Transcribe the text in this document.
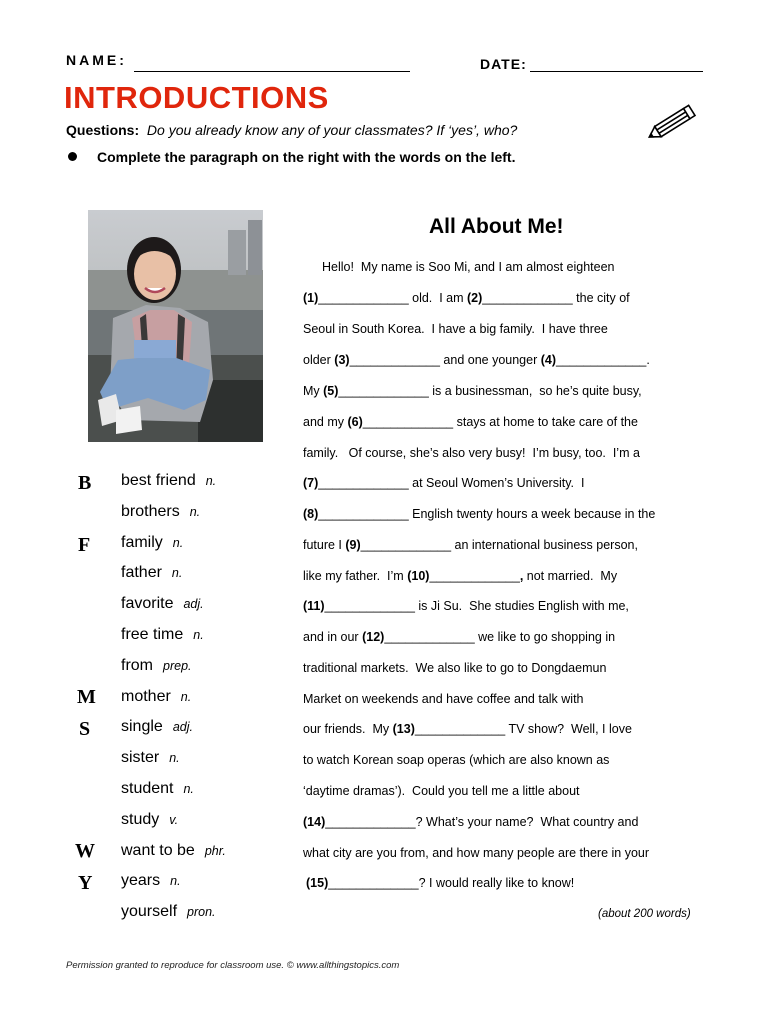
NAME:	DATE:
INTRODUCTIONS
Questions: Do you already know any of your classmates? If ‘yes’, who?
Complete the paragraph on the right with the words on the left.
All About Me!
Hello!  My name is Soo Mi, and I am almost eighteen
(1)_____________ old.  I am (2)_____________ the city of
Seoul in South Korea.  I have a big family.  I have three
older (3)_____________ and one younger (4)_____________.
My (5)_____________ is a businessman,  so he’s quite busy,
and my (6)_____________ stays at home to take care of the
family.   Of course, she’s also very busy!  I’m busy, too.  I’m a
(7)_____________ at Seoul Women’s University.  I
(8)_____________ English twenty hours a week because in the
future I (9)_____________ an international business person,
like my father.  I’m (10)_____________, not married.  My
(11)_____________ is Ji Su.  She studies English with me,
and in our (12)_____________ we like to go shopping in
traditional markets.  We also like to go to Dongdaemun
Market on weekends and have coffee and talk with
our friends.  My (13)_____________ TV show?  Well, I love
to watch Korean soap operas (which are also known as
‘daytime dramas’).  Could you tell me a little about
(14)_____________? What’s your name?  What country and
what city are you from, and how many people are there in your
(15)_____________? I would really like to know!
(about 200 words)
B
F
M
S
W
Y
best friend n.
brothers n.
family n.
father n.
favorite adj.
free time n.
from prep.
mother n.
single adj.
sister n.
student n.
study v.
want to be phr.
years n.
yourself pron.
Permission granted to reproduce for classroom use. © www.allthingstopics.com
